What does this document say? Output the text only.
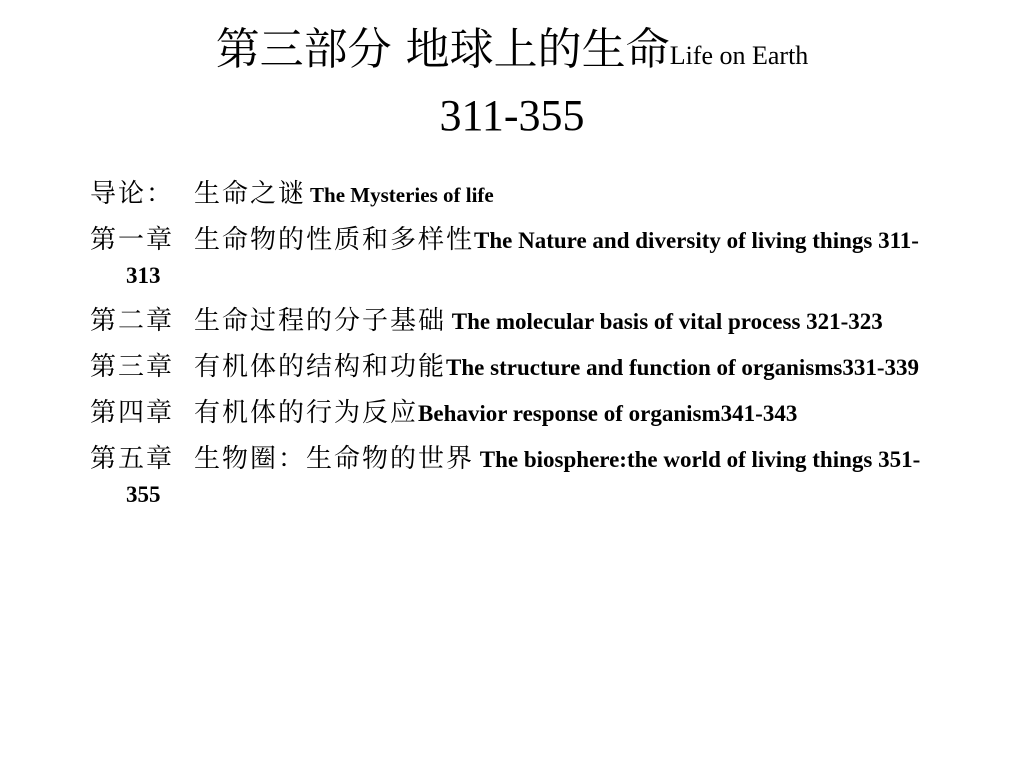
第三部分 地球上的生命Life on Earth
311-355
导论： 生命之谜 The Mysteries of life
第一章 生命物的性质和多样性The Nature and diversity of living things 311-313
第二章 生命过程的分子基础 The molecular basis of vital process 321-323
第三章 有机体的结构和功能The structure and function of organisms331-339
第四章 有机体的行为反应Behavior response of organism341-343
第五章 生物圈：生命物的世界 The biosphere:the world of living things 351-355
